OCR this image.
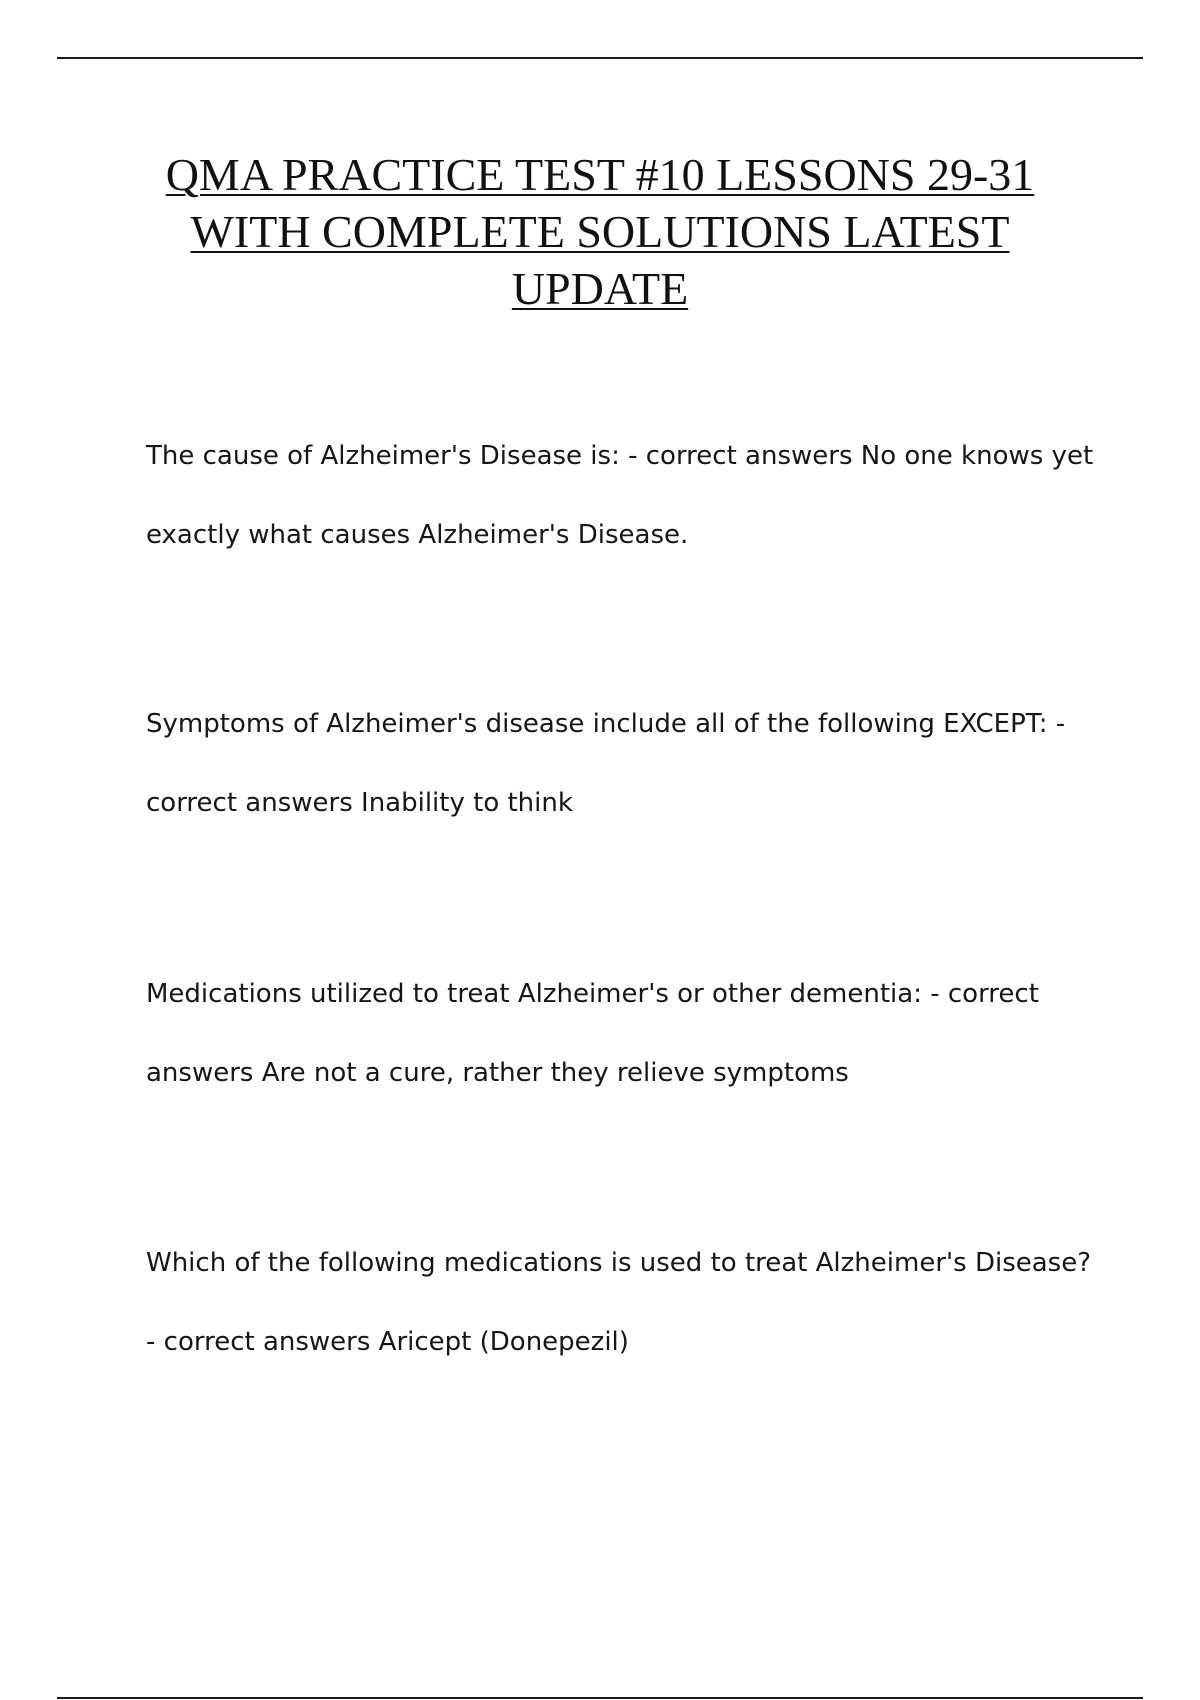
QMA PRACTICE TEST #10 LESSONS 29-31 WITH COMPLETE SOLUTIONS LATEST UPDATE

The cause of Alzheimer's Disease is: - correct answers No one knows yet exactly what causes Alzheimer's Disease.

Symptoms of Alzheimer's disease include all of the following EXCEPT: - correct answers Inability to think

Medications utilized to treat Alzheimer's or other dementia: - correct answers Are not a cure, rather they relieve symptoms

Which of the following medications is used to treat Alzheimer's Disease? - correct answers Aricept (Donepezil)
